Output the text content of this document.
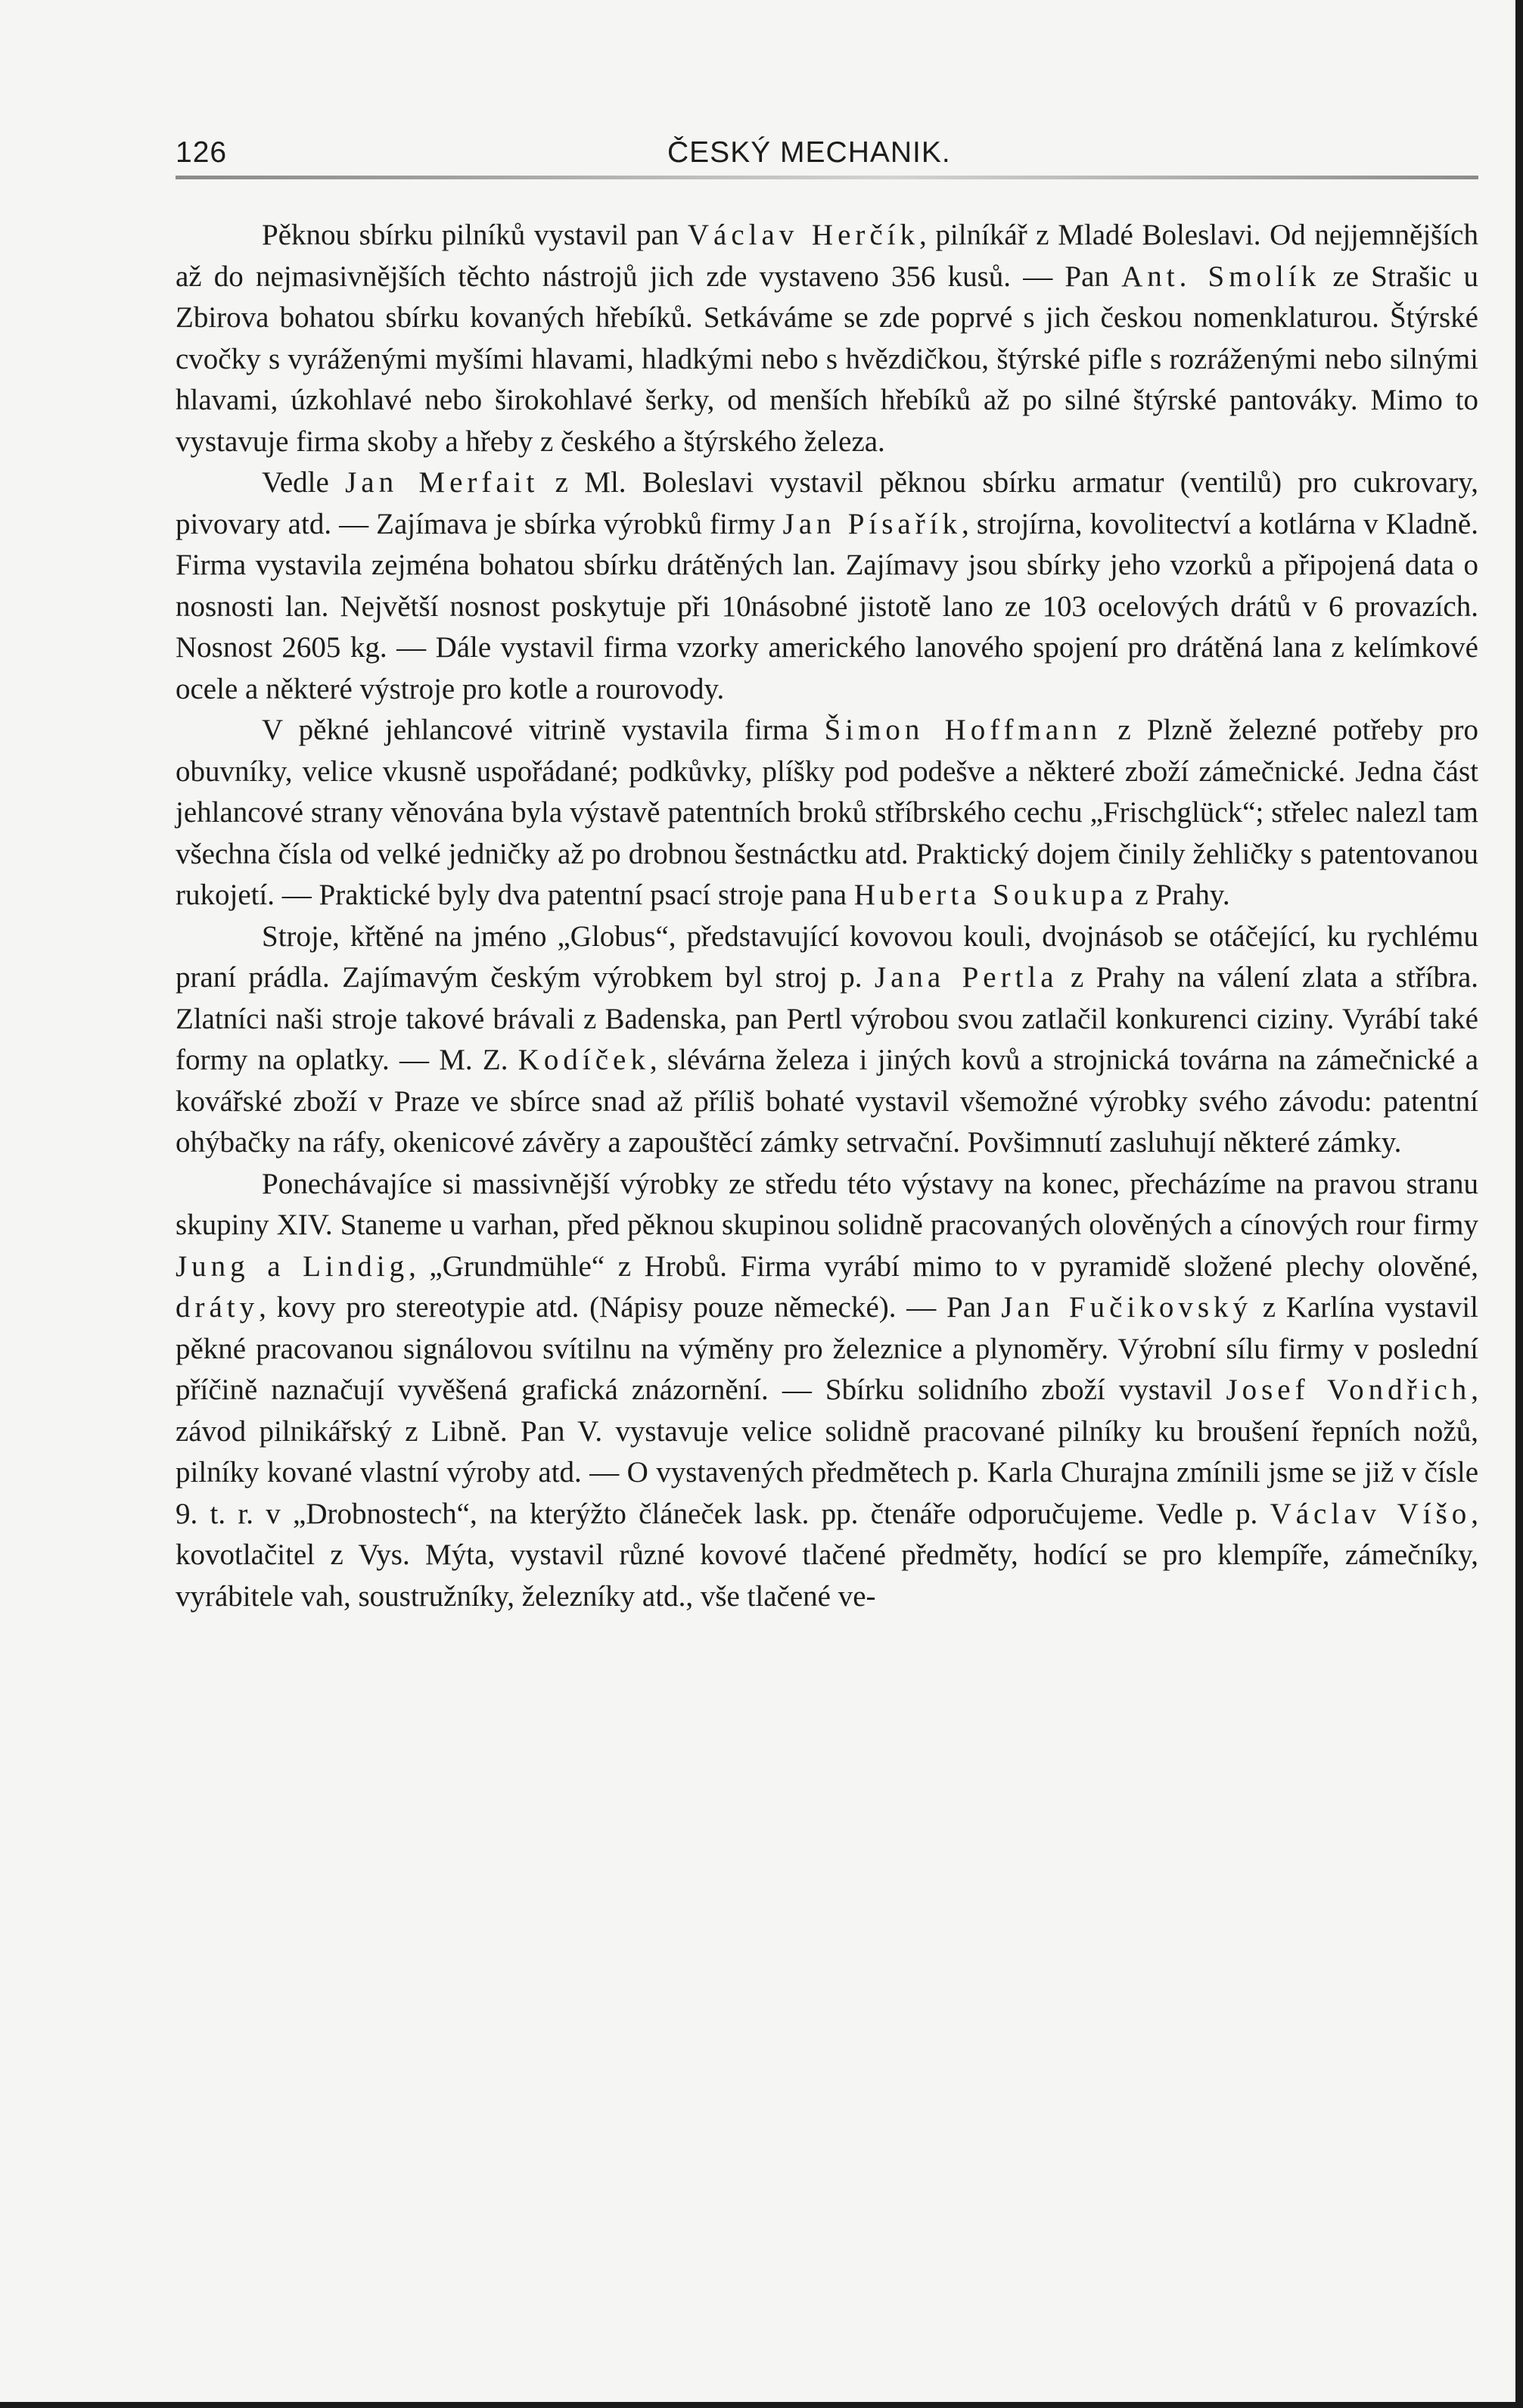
126	ČESKÝ MECHANIK.

Pěknou sbírku pilníků vystavil pan Václav Herčík, pilníkář z Mladé Boleslavi. Od nejjemnějších až do nejmasivnějších těchto nástrojů jich zde vystaveno 356 kusů. — Pan Ant. Smolík ze Strašic u Zbirova bohatou sbírku kovaných hřebíků. Setkáváme se zde poprvé s jich českou nomenklaturou. Štýrské cvočky s vyráženými myšími hlavami, hladkými nebo s hvězdičkou, štýrské pifle s rozráženými nebo silnými hlavami, úzkohlavé nebo širokohlavé šerky, od menších hřebíků až po silné štýrské pantováky. Mimo to vystavuje firma skoby a hřeby z českého a štýrského železa.

Vedle Jan Merfait z Ml. Boleslavi vystavil pěknou sbírku armatur (ventilů) pro cukrovary, pivovary atd. — Zajímava je sbírka výrobků firmy Jan Písařík, strojírna, kovolitectví a kotlárna v Kladně. Firma vystavila zejména bohatou sbírku drátěných lan. Zajímavy jsou sbírky jeho vzorků a připojená data o nosnosti lan. Největší nosnost poskytuje při 10násobné jistotě lano ze 103 ocelových drátů v 6 provazích. Nosnost 2605 kg. — Dále vystavil firma vzorky amerického lanového spojení pro drátěná lana z kelímkové ocele a některé výstroje pro kotle a rourovody.

V pěkné jehlancové vitrině vystavila firma Šimon Hoffmann z Plzně železné potřeby pro obuvníky, velice vkusně uspořádané; podkůvky, plíšky pod podešve a některé zboží zámečnické. Jedna část jehlancové strany věnována byla výstavě patentních broků stříbrského cechu „Frischglück“; střelec nalezl tam všechna čísla od velké jedničky až po drobnou šestnáctku atd. Praktický dojem činily žehličky s patentovanou rukojetí. — Praktické byly dva patentní psací stroje pana Huberta Soukupa z Prahy.

Stroje, křtěné na jméno „Globus“, představující kovovou kouli, dvojnásob se otáčející, ku rychlému praní prádla. Zajímavým českým výrobkem byl stroj p. Jana Pertla z Prahy na válení zlata a stříbra. Zlatníci naši stroje takové brávali z Badenska, pan Pertl výrobou svou zatlačil konkurenci ciziny. Vyrábí také formy na oplatky. — M. Z. Kodíček, slévárna železa i jiných kovů a strojnická továrna na zámečnické a kovářské zboží v Praze ve sbírce snad až příliš bohaté vystavil všemožné výrobky svého závodu: patentní ohýbačky na ráfy, okenicové závěry a zapouštěcí zámky setrvační. Povšimnutí zasluhují některé zámky.

Ponechávajíce si massivnější výrobky ze středu této výstavy na konec, přecházíme na pravou stranu skupiny XIV. Staneme u varhan, před pěknou skupinou solidně pracovaných olověných a cínových rour firmy Jung a Lindig, „Grundmühle“ z Hrobů. Firma vyrábí mimo to v pyramidě složené plechy olověné, dráty, kovy pro stereotypie atd. (Nápisy pouze německé). — Pan Jan Fučikovský z Karlína vystavil pěkné pracovanou signálovou svítilnu na výměny pro železnice a plynoměry. Výrobní sílu firmy v poslední příčině naznačují vyvěšená grafická znázornění. — Sbírku solidního zboží vystavil Josef Vondřich, závod pilnikářský z Libně. Pan V. vystavuje velice solidně pracované pilníky ku broušení řepních nožů, pilníky kované vlastní výroby atd. — O vystavených předmětech p. Karla Churajna zmínili jsme se již v čísle 9. t. r. v „Drobnostech“, na kterýžto článeček lask. pp. čtenáře odporučujeme. Vedle p. Václav Víšo, kovotlačitel z Vys. Mýta, vystavil různé kovové tlačené předměty, hodící se pro klempíře, zámečníky, vyrábitele vah, soustružníky, železníky atd., vše tlačené ve-
